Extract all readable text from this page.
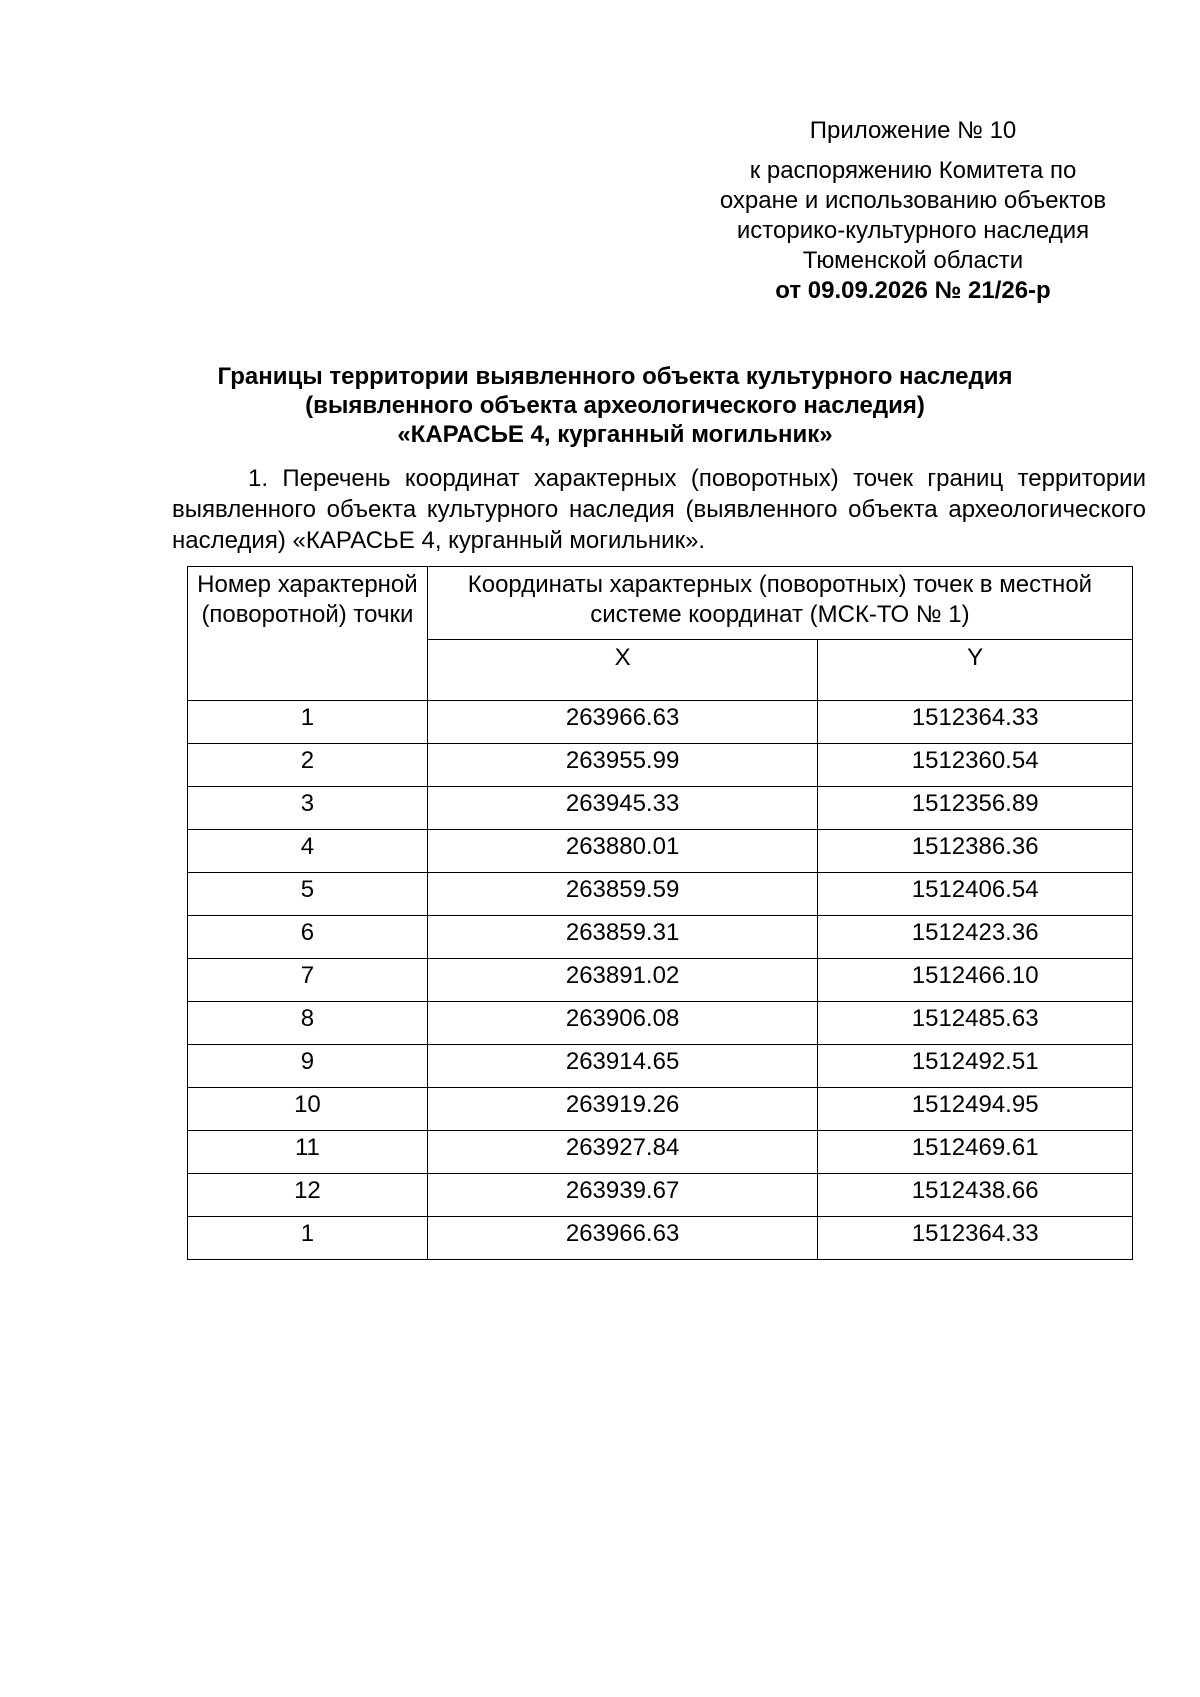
Приложение № 10
к распоряжению Комитета по
охране и использованию объектов
историко-культурного наследия
Тюменской области
от 09.09.2026 № 21/26-р
Границы территории выявленного объекта культурного наследия
(выявленного объекта археологического наследия)
«КАРАСЬЕ 4, курганный могильник»
1. Перечень координат характерных (поворотных) точек границ территории выявленного объекта культурного наследия (выявленного объекта археологического наследия) «КАРАСЬЕ 4, курганный могильник».
Номер характерной (поворотной) точки	Координаты характерных (поворотных) точек в местной системе координат (МСК-ТО № 1)	
	X	Y
1	263966.63	1512364.33
2	263955.99	1512360.54
3	263945.33	1512356.89
4	263880.01	1512386.36
5	263859.59	1512406.54
6	263859.31	1512423.36
7	263891.02	1512466.10
8	263906.08	1512485.63
9	263914.65	1512492.51
10	263919.26	1512494.95
11	263927.84	1512469.61
12	263939.67	1512438.66
1	263966.63	1512364.33
